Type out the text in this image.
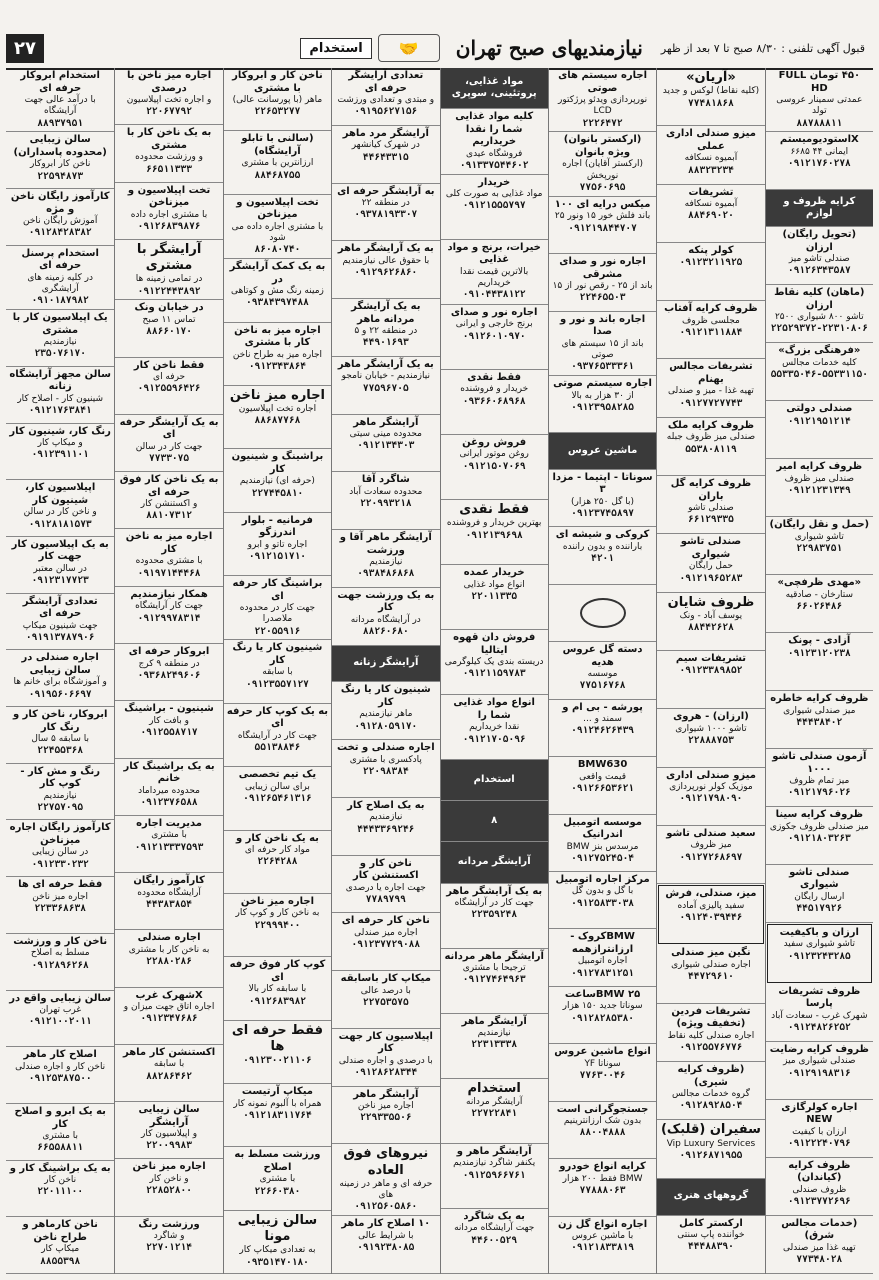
قبول آگهی تلفنی : ۸/۳۰ صبح تا ۷ بعد از ظهر
نیازمندیهای صبح تهران
🤝
استخدام
۲۷
۴۵۰ تومان FULL HD
عمدتی سمینار عروسی تولد
۸۸۷۸۸۸۱۱
Xاستودیومیستم
ایمانی ۴۴ ۶۶۸۵
۰۹۱۲۱۷۶۰۲۷۸
کرایه ظروف و لوازم
(تحویل رایگان) ارزان
صندلی تاشو میز
۰۹۱۲۶۳۴۳۵۸۷
(ماهان) کلیه نقاط ارزان
تاشو ۸۰۰ شیواری ۲۵۰۰
۲۲۵۲۹۳۷۲-۲۲۳۱۰۸۰۶
«فرهنگی بزرگ»
کلیه خدمات مجالس
۵۵۳۳۵۰۴۶-۵۵۳۳۱۱۵۰
صندلی دولتی
۰۹۱۲۱۹۵۱۲۱۴
ظروف کرایه امیر
صندلی میز ظروف
۰۹۱۲۱۲۳۱۳۴۹
(حمل و نقل رایگان)
تاشو شیواری
۲۲۹۸۳۷۵۱
«مهدی ظرفچی»
ستارخان - صادقیه
۶۶۰۲۶۴۸۶
آزادی - پونک
۰۹۱۲۳۱۲۰۲۳۸
ظروف کرایه خاطره
میز صندلی شیواری
۴۴۴۳۸۴۰۲
آزمون صندلی تاشو ۱۰۰۰
میز تمام ظروف
۰۹۱۲۱۷۹۶۰۲۶
ظروف کرایه سینا
میز صندلی ظروف جکوزی
۰۹۱۲۱۸۰۳۲۶۳
صندلی تاشو شیواری
ارسال رایگان
۴۴۵۱۷۹۲۶
ارزان و باکیفیت
تاشو شیواری سفید
۰۹۱۲۳۲۴۳۲۸۵
ظروف تشریفات پارسا
شهرک غرب - سعادت آباد
۰۹۱۲۴۸۲۶۲۵۲
ظروف کرایه رضایت
صندلی شیواری میز
۰۹۱۲۹۱۹۸۳۱۶
اجاره کولرگازی NEW
ارزان با کیفیت
۰۹۱۲۲۲۴۰۷۹۶
ظروف کرایه (کیاندان)
ظروف صندلی
۰۹۱۲۳۷۷۲۶۹۶
(خدمات مجالس شرق)
تهیه غذا میز صندلی
۷۷۳۴۸۰۲۸
«آریان»
(کلیه نقاط) لوکس و جدید
۷۷۴۸۱۸۶۸
میزو صندلی اداری عملی
آبمیوه نسکافه
۸۸۳۲۳۲۳۴
تشریفات
آبمیوه نسکافه
۸۸۴۶۹۰۲۰
کولر پنکه
۰۹۱۲۳۲۱۱۹۲۵
ظروف کرایه آفتاب
مجلسی ظروف
۰۹۱۲۱۳۱۱۸۸۴
تشریفات مجالس بهنام
تهیه غذا - میز و صندلی
۰۹۱۲۷۷۲۷۷۴۳
ظروف کرایه ملک
صندلی میز ظروف جبله
۵۵۳۸۰۸۱۱۹
ظروف کرایه گل باران
صندلی تاشو
۶۶۱۲۹۳۳۵
صندلی تاشو شیواری
حمل رایگان
۰۹۱۲۱۹۶۵۲۸۳
ظروف شایان
یوسف آباد - ونک
۸۸۴۴۲۶۲۸
تشریفات سیم
۰۹۱۲۳۳۸۹۸۵۲
(ارزان) - هروی
تاشو ۱۰۰۰ شیواری
۲۲۸۸۸۷۵۳
میزو صندلی اداری
موزیک کولر نورپردازی
۰۹۱۲۱۷۹۸۰۹۰
سعید صندلی تاشو
میز ظروف
۰۹۱۲۷۲۶۸۶۹۷
میز، صندلی، فرش
سفید پالیزی آماده
۰۹۱۲۴۰۳۹۴۴۶
نگین میز صندلی
اجاره صندلی شیواری
۴۴۷۲۹۶۱۰
تشریفات فردین (تخفیف ویژه)
اجاره صندلی کلیه نقاط
۰۹۱۲۵۵۷۶۷۷۶
(ظروف کرایه شیری)
گروه خدمات مجالس
۰۹۱۲۸۹۲۸۵۰۴
سفیران (قلبک)
Vip Luxury Services
۰۹۱۲۶۸۷۱۹۵۵
گروههای هنری
ارکستر کامل
خواننده پاپ سنتی
۴۴۴۸۸۳۹۰
اجاره سیستم های صوتی
نورپردازی ویدئو پرژکتور LCD
۲۲۲۶۴۷۲
(ارکستر بانوان) ویژه بانوان
(ارکستر آقایان) اجاره نورپخش
۷۷۵۶۰۶۹۵
میکس درایه ای ۱۰۰
باند فلش خور ۱۵ ونور ۲۵
۰۹۱۲۱۹۸۴۴۷۰۷
اجاره نور و صدای مشرقی
باند از ۲۵ - رقص نور از ۱۵
۲۲۴۶۵۵۰۳
اجاره باند و نور و صدا
باند از ۱۵ سیستم های صوتی
۰۹۳۷۶۵۳۳۳۶۱
اجاره سیستم صوتی
از ۳۰ هزار به بالا
۰۹۱۲۳۹۵۸۲۸۵
ماشین عروس
سوناتا - اپتیما - مزدا ۳
(با گل ۲۵۰ هزار)
۰۹۱۲۳۷۴۵۸۹۷
کروکی و شیشه ای
باراننده و بدون راننده
۴۲۰۱
دسته گل عروس هدیه
موسسه
۷۷۵۱۶۷۶۸
پورشه - بی ام و
سمند و ...
۰۹۱۲۴۶۲۶۴۳۹
BMW630
قیمت واقعی
۰۹۱۲۶۶۵۳۶۲۱
موسسه اتومبیل اندرانیک
مرسدس بنز BMW
۰۹۱۲۷۵۲۴۵۰۴
مرکز اجاره اتومبیل
با گل و بدون گل
۰۹۱۲۵۸۳۳۰۳۸
BMWکروک - ارزانترازهمه
اجاره اتومبیل
۰۹۱۲۷۸۳۱۲۵۱
BMW ۲۵ساعت
سوناتا جدید ۱۵۰ هزار
۰۹۱۲۸۲۸۵۳۸۰
انواع ماشین عروس
سوناتا YF
۷۷۶۳۰۰۴۶
جستجوگرانی است
بدون شک ارزانترینیم
۸۸۰۰۴۸۸۸
کرایه انواع خودرو
BMW فقط ۲۰۰ هزار
۷۷۸۸۸۰۶۳
اجاره انواع گل زن
با ماشین عروس
۰۹۱۲۱۸۳۳۸۱۹
مواد غذایی، پروتئینی، سوپری
کلیه مواد غذایی شما را نقدا خریداریم
فروشگاه عیدی
۰۹۱۳۳۷۵۴۴۶۰۲
خریدار
مواد غذایی به صورت کلی
۰۹۱۲۱۵۵۵۷۹۷
خیرات، برنج و مواد غذایی
بالاترین قیمت نقدا خریداریم
۰۹۱۰۴۴۳۸۱۲۲
اجاره نور و صدای
برنج خارجی و ایرانی
۰۹۱۲۶۰۱۰۹۷۰
فقط نقدی
خریدار و فروشنده
۰۹۳۶۶۰۶۸۹۶۸
فروش روغن
روغن موتور ایرانی
۰۹۱۲۱۵۰۷۰۶۹
فقط نقدی
بهترین خریدار و فروشنده
۰۹۱۲۱۳۹۶۹۸
خریدار عمده
انواع مواد غذایی
۲۲۰۱۱۳۳۵
فروش دان قهوه ایتالیا
دریسته بندی یک کیلوگرمی
۰۹۱۲۱۱۵۹۷۸۳
انواع مواد غذایی شما را
نقدا خریداریم
۰۹۱۲۱۷۰۵۰۹۶
استخدام
۸
آرایشگر مردانه
به یک آرایشگر ماهر
جهت کار در آرایشگاه
۲۲۳۵۹۲۴۸
آرایشگر ماهر مردانه
ترجیحا با مشتری
۰۹۱۲۷۴۶۴۹۶۳
آرایشگر ماهر
نیازمندیم
۲۲۳۱۳۳۳۸
استخدام
آرایشگر مردانه
۲۲۷۲۲۸۴۱
آرایشگر ماهر و
یکنفر شاگرد نیازمندیم
۰۹۱۲۵۹۶۶۷۶۱
به یک شاگرد
جهت آرایشگاه مردانه
۴۴۶۰۰۵۲۹
تعدادی آرایشگر حرفه ای
و مبتدی و تعدادی ورزشت
۰۹۱۹۵۶۲۷۱۵۶
آرایشگر مرد ماهر
در شهرک کیانشهر
۴۴۶۴۳۳۱۵
به آرایشگر حرفه ای
در منطقه ۲۲
۰۹۳۷۸۱۹۳۳۰۷
به یک آرایشگر ماهر
با حقوق عالی نیازمندیم
۰۹۱۲۹۶۲۶۸۶۰
به یک آرایشگر مردانه ماهر
در منطقه ۲۲ و ۵
۴۴۹۰۱۶۹۳
به یک آرایشگر ماهر
نیازمندیم - خیابان نامجو
۷۷۵۹۶۷۰۵
آرایشگر ماهر
محدوده مینی سیتی
۰۹۱۲۱۳۴۳۰۳
شاگرد آقا
محدوده سعادت آباد
۲۲۰۹۹۳۲۱۸
آرایشگر ماهر آقا و ورزشت
نیازمندیم
۰۹۳۸۴۸۶۸۶۸
به یک ورزشت جهت کار
در آرایشگاه مردانه
۸۸۲۶۰۶۸۰
آرایشگر زنانه
شینیون کار یا رنگ کار
ماهر نیازمندیم
۰۹۱۲۸۰۵۹۱۷۰
اجاره صندلی و تخت
پادکسری با مشتری
۲۲۰۹۸۳۸۴
به یک اصلاح کار
نیازمندیم
۴۴۴۳۳۶۹۲۴۶
ناخن کار و اکستنشن کار
جهت اجاره یا درصدی
۷۷۸۹۷۹۹
ناخن کار حرفه ای
اجاره میز صندلی
۰۹۱۲۳۷۷۲۹۰۸۸
میکاپ کار باسابقه
با درصد عالی
۲۲۷۵۳۵۷۵
اپیلاسیون کار جهت کار
با درصدی و اجاره صندلی
۰۹۱۲۸۶۲۸۳۴۴
آرایشگر ماهر
اجاره میز ناخن
۲۲۹۳۳۵۵۰۶
نیروهای فوق العاده
حرفه ای و ماهر در زمینه های
۰۹۱۲۵۶۰۵۸۶۰
۱۰ اصلاح کار ماهر
با شرایط عالی
۰۹۱۹۲۳۸۰۸۵
ناخن کار و ابروکار با مشتری
ماهر (با پورسانت عالی)
۲۲۶۵۳۲۷۷
(سالنی با تابلو آرایشگاه)
ارزانترین با مشتری
۸۸۴۶۸۷۵۵
تخت اپیلاسیون و میزناخن
با مشتری اجاره داده می شود
۸۶۰۸۰۷۴۰
به یک کمک آرایشگر در
زمینه رنگ مش و کوتاهی
۰۹۳۸۴۳۹۷۴۸۸
اجاره میز به ناخن کار با مشتری
اجاره میز به طراح ناخن
۰۹۱۲۳۴۳۸۶۴
اجاره میز ناخن
اجاره تخت اپیلاسیون
۸۸۶۸۷۷۶۸
براشینگ و شینیون کار
(حرفه ای) نیازمندیم
۲۲۷۴۴۵۸۱۰
فرمانیه - بلوار اندرزگو
اجاره تاتو و ابرو
۰۹۱۲۱۵۱۷۱۰
براشینگ کار حرفه ای
جهت کار در محدوده ملاصدرا
۲۲۰۵۵۹۱۶
شینیون کار یا رنگ کار
با سابقه
۰۹۱۲۳۵۵۷۱۲۷
به یک کوپ کار حرفه ای
جهت کار در آرایشگاه
۵۵۱۳۸۸۴۶
یک تیم تخصصی
برای سالن زیبایی
۰۹۱۲۶۵۴۶۱۳۱۶
به یک ناخن کار و
مواد کار حرفه ای
۲۲۶۴۲۸۸
اجاره میز ناخن
به ناخن کار و کوپ کار
۲۲۹۹۹۴۰۰
کوپ کار فوق حرفه ای
با سابقه کار بالا
۰۹۱۲۶۸۳۹۸۲
فقط حرفه ای ها
۰۹۱۲۳۰۰۲۱۱۰۶
میکاپ آرتیست
همراه با آلبوم نمونه کار
۰۹۱۲۱۸۳۱۱۷۶۴
ورزشت مسلط به اصلاح
با مشتری
۲۲۶۶۰۳۸۰
سالن زیبایی مونا
به تعدادی میکاپ کار
۰۹۳۵۱۴۷۰۱۸۰
اجاره میز ناخن با درصدی
و اجاره تخت اپیلاسیون
۲۲۰۶۷۷۹۲
به یک ناخن کار با مشتری
و ورزشت محدوده
۶۶۵۱۱۳۳۳
تخت اپیلاسیون و میزناخن
با مشتری اجاره داده
۰۹۱۲۶۸۳۹۸۷۶
آرایشگر با مشتری
در تمامی زمینه ها
۰۹۱۲۲۴۴۳۸۹۲
در خیابان ونک
تماس ۱۱ صبح
۸۸۶۶۰۱۷۰
فقط ناخن کار
حرفه ای
۰۹۱۲۵۵۹۶۴۲۶
به یک آرایشگر حرفه ای
جهت کار در سالن
۷۷۳۳۰۷۵
به یک ناخن کار فوق حرفه ای
و اکستنشن کار
۸۸۱۰۷۳۱۲
اجاره میز به ناخن کار
با مشتری محدوده
۰۹۱۹۷۱۴۴۴۶۸
همکار نیازمندیم
جهت کار آرایشگاه
۰۹۱۲۹۹۷۸۳۱۴
ابروکار حرفه ای
در منطقه ۹ کرج
۰۹۳۶۸۲۴۹۶۰۶
شینیون - براشینگ
و بافت کار
۰۹۱۲۵۵۸۷۱۷
به یک براشینگ کار خانم
محدوده میرداماد
۰۹۱۲۳۷۶۵۸۸
مدیریت اجاره
با مشتری
۰۹۱۲۱۳۳۳۷۵۹۳
کارآموز رایگان
آرایشگاه محدوده
۴۴۳۸۳۸۵۴
اجاره صندلی
به ناخن کار با مشتری
۲۲۸۸۰۲۸۶
Xشهرک غرب
اجاره اتاق جهت میزان و
۰۹۱۲۳۴۷۶۸۶
اکستنشن کار ماهر
با سابقه
۸۸۲۸۶۴۶۲
سالن زیبایی آرایشگر
و اپیلاسیون کار
۲۲۰۰۹۹۸۳
اجاره میز ناخن
و ناخن کار
۲۲۸۵۲۸۰۰
ورزشت رنگ
و شاگرد
۲۲۷۰۱۲۱۴
استخدام ابروکار حرفه ای
با درآمد عالی جهت آرایشگاه
۸۸۹۳۷۹۵۱
سالن زیبایی (محدوده پاسداران)
ناخن کار ابروکار
۲۲۵۹۴۸۷۳
کارآموز رایگان ناخن و مژه
آموزش رایگان ناخن
۰۹۱۲۸۴۲۸۳۸۲
استخدام پرسنل حرفه ای
در کلیه زمینه های آرایشگری
۰۹۱۰۱۸۷۹۸۲
یک اپیلاسیون کار با مشتری
نیازمندیم
۲۳۵۰۷۶۱۷۰
سالن مجهز آرایشگاه زنانه
شینیون کار - اصلاح کار
۰۹۱۲۱۷۶۳۸۴۱
رنگ کار، شینیون کار
و میکاپ کار
۰۹۱۲۳۹۱۱۰۱
اپیلاسیون کار، شینیون کار
و ناخن کار در سالن
۰۹۱۲۸۱۸۱۵۷۳
به یک اپیلاسیون کار جهت کار
در سالن معتبر
۰۹۱۲۳۱۷۷۲۳
تعدادی آرایشگر حرفه ای
جهت شینیون میکاپ
۰۹۱۹۱۳۷۸۷۹۰۶
اجاره صندلی در سالن زیبایی
و آموزشگاه برای خانم ها
۰۹۱۹۵۶۰۶۶۹۷
ابروکار، ناخن کار و رنگ کار
با سابقه ۵ سال
۲۲۴۵۵۳۶۸
رنگ و مش کار - کوپ کار
نیازمندیم
۲۲۷۵۷۰۹۵
کارآموز رایگان اجاره میزناخن
در سالن زیبایی
۰۹۱۲۳۳۰۲۳۲
فقط حرفه ای ها
اجاره میز ناخن
۲۲۳۳۶۸۶۳۸
ناخن کار و ورزشت
مسلط به اصلاح
۰۹۱۲۸۹۶۲۶۸
سالن زیبایی واقع در
غرب تهران
۰۹۱۲۱۰۰۲۰۱۱
اصلاح کار ماهر
ناخن کار و اجاره صندلی
۰۹۱۲۵۳۸۷۵۰۰
به یک ابرو و اصلاح کار
با مشتری
۶۶۵۵۸۸۱۱
به یک براشینگ کار و
ناخن کار
۲۲۰۱۱۱۰۰
ناخن کارماهر و طراح ناخن
میکاپ کار
۸۸۵۵۳۹۸
